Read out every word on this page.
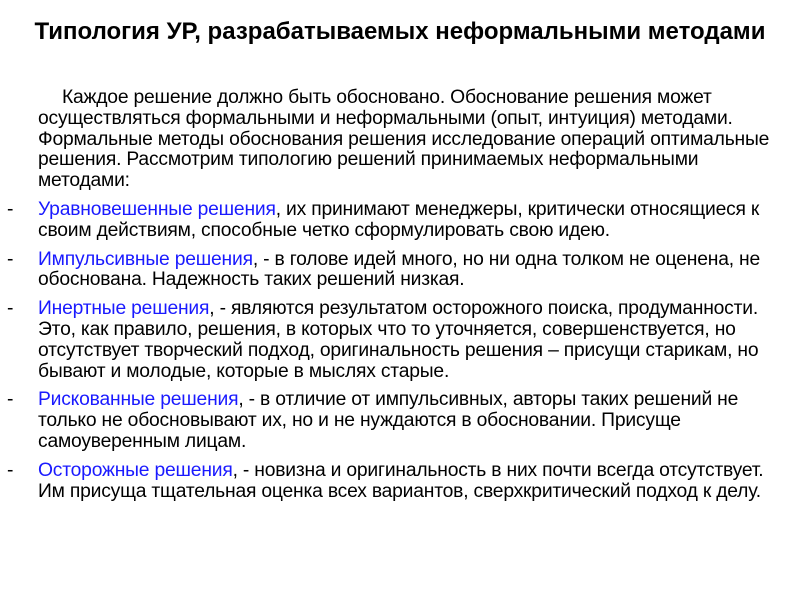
Типология УР, разрабатываемых неформальными методами

Каждое решение должно быть обосновано. Обоснование решения может осуществляться формальными и неформальными (опыт, интуиция) методами. Формальные методы обоснования решения исследование операций оптимальные решения. Рассмотрим типологию решений принимаемых неформальными методами:

- Уравновешенные решения, их принимают менеджеры, критически относящиеся к своим действиям, способные четко сформулировать свою идею.
- Импульсивные решения, - в голове идей много, но ни одна толком не оценена, не обоснована. Надежность таких решений низкая.
- Инертные решения, - являются результатом осторожного поиска, продуманности. Это, как правило, решения, в которых что то уточняется, совершенствуется, но отсутствует творческий подход, оригинальность решения – присущи старикам, но бывают и молодые, которые в мыслях старые.
- Рискованные решения, - в отличие от импульсивных, авторы таких решений не только не обосновывают их, но и не нуждаются в обосновании. Присуще самоуверенным лицам.
- Осторожные решения, - новизна и оригинальность в них почти всегда отсутствует. Им присуща тщательная оценка всех вариантов, сверхкритический подход к делу.
